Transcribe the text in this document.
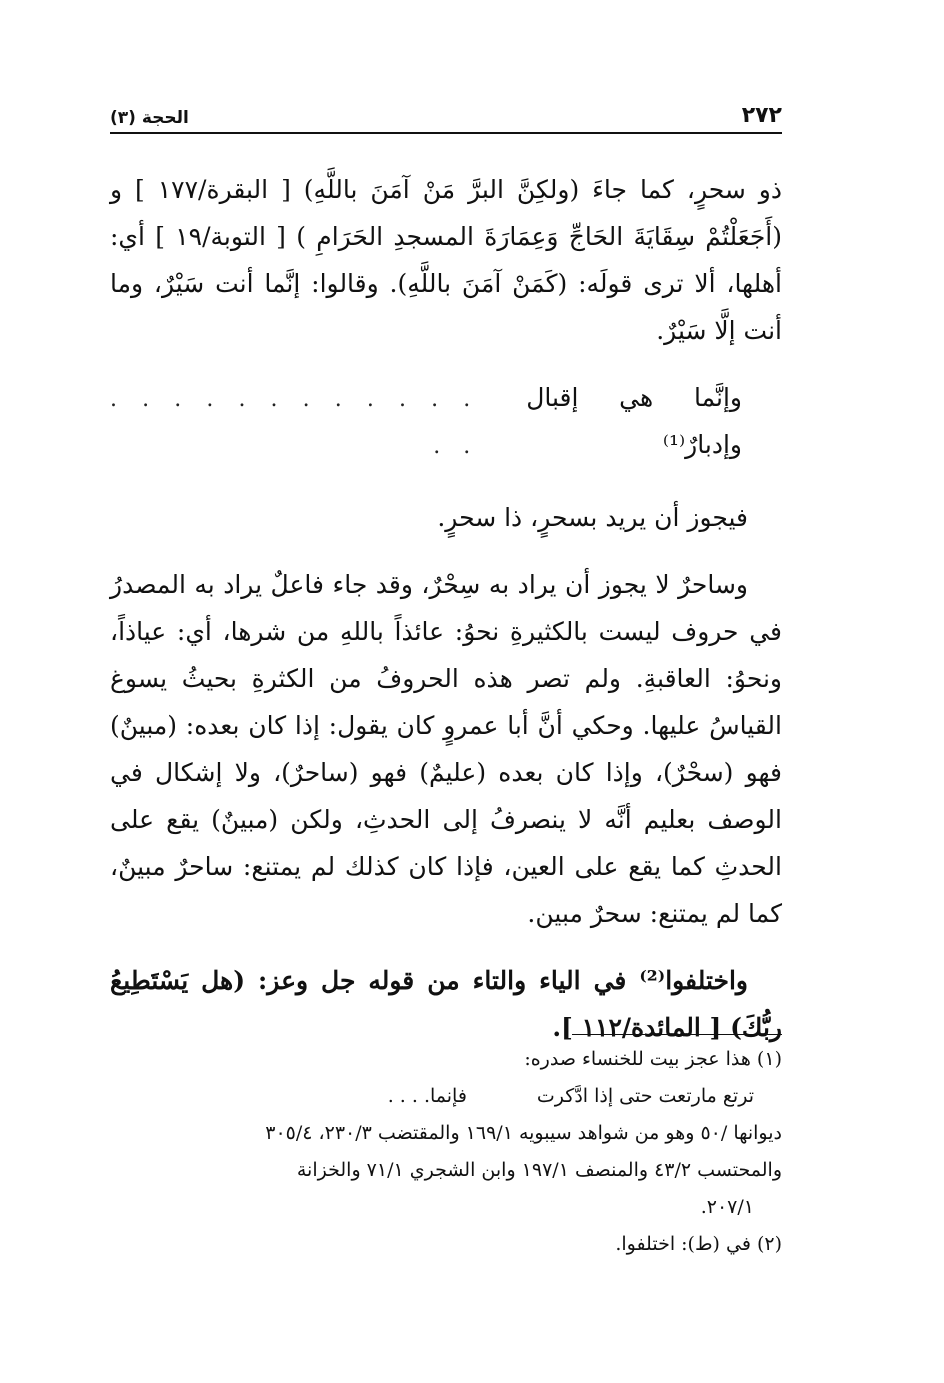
٢٧٢
الحجة (٣)

ذو سحرٍ، كما جاءَ (ولكِنَّ البرَّ مَنْ آمَنَ باللَّهِ) [ البقرة/١٧٧ ] و (أَجَعَلْتُمْ سِقَايَةَ الحَاجِّ وَعِمَارَةَ المسجدِ الحَرَامِ ) [ التوبة/١٩ ] أي: أهلها، ألا ترى قولَه: (كَمَنْ آمَنَ باللَّهِ). وقالوا: إنَّما أنت سَيْرٌ، وما أنت إلَّا سَيْرٌ.

وإنَّما هي إقبال وإدبارٌ⁽¹⁾
. . . . . . . . . . . . . .

فيجوز أن يريد بسحرٍ، ذا سحرٍ.

وساحرٌ لا يجوز أن يراد به سِحْرٌ، وقد جاء فاعلٌ يراد به المصدرُ في حروف ليست بالكثيرةِ نحوُ: عائذاً باللهِ من شرها، أي: عياذاً، ونحوُ: العاقبةِ. ولم تصر هذه الحروفُ من الكثرةِ بحيثُ يسوغ القياسُ عليها. وحكي أنَّ أبا عمروٍ كان يقول: إذا كان بعده: (مبينٌ) فهو (سحْرٌ)، وإذا كان بعده (عليمٌ) فهو (ساحرٌ)، ولا إشكال في الوصف بعليم أنَّه لا ينصرفُ إلى الحدثِ، ولكن (مبينٌ) يقع على الحدثِ كما يقع على العين، فإذا كان كذلك لم يمتنع: ساحرٌ مبينٌ، كما لم يمتنع: سحرٌ مبين.

واختلفوا⁽²⁾ في الياء والتاء من قوله جل وعز: (هل يَسْتَطِيعُ ربُّكَ) [ المائدة/١١٢ ].

(١) هذا عجز بيت للخنساء صدره:

ترتع مارتعت حتى إذا ادَّكرت
فإنما. . . .

ديوانها /٥٠ وهو من شواهد سيبويه ١٦٩/١ والمقتضب ٢٣٠/٣، ٣٠٥/٤

والمحتسب ٤٣/٢ والمنصف ١٩٧/١ وابن الشجري ٧١/١ والخزانة

٢٠٧/١.

(٢) في (ط): اختلفوا.
